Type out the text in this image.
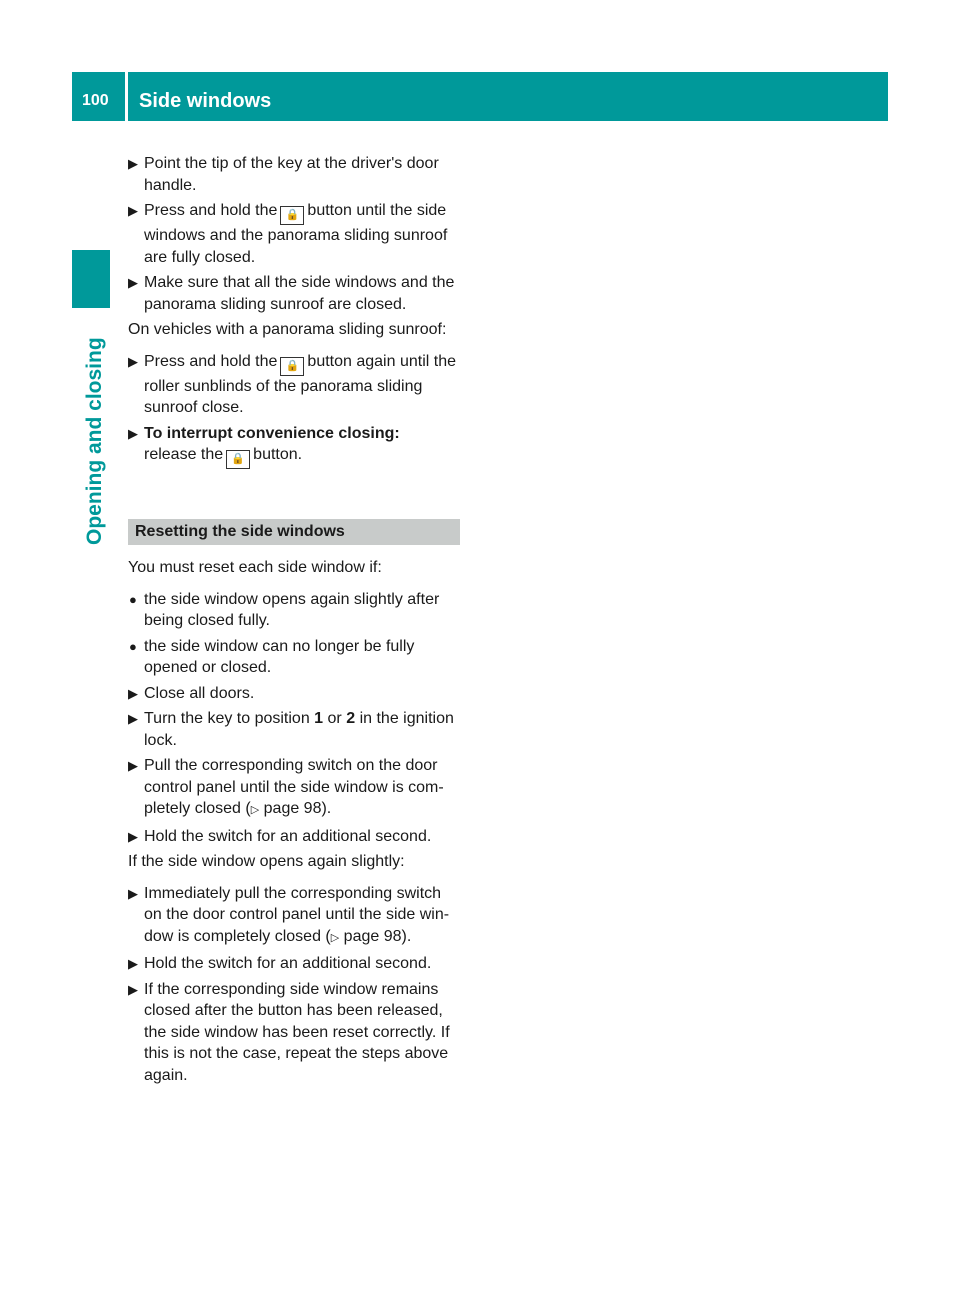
100 Side windows
Opening and closing
▶ Point the tip of the key at the driver's door handle.
▶ Press and hold the 🔒 button until the side windows and the panorama sliding sunroof are fully closed.
▶ Make sure that all the side windows and the panorama sliding sunroof are closed.
On vehicles with a panorama sliding sunroof:
▶ Press and hold the 🔒 button again until the roller sunblinds of the panorama sliding sunroof close.
▶ To interrupt convenience closing:
release the 🔒 button.
Resetting the side windows
You must reset each side window if:
● the side window opens again slightly after being closed fully.
● the side window can no longer be fully opened or closed.
▶ Close all doors.
▶ Turn the key to position 1 or 2 in the ignition lock.
▶ Pull the corresponding switch on the door control panel until the side window is com- pletely closed (▷ page 98).
▶ Hold the switch for an additional second.
If the side window opens again slightly:
▶ Immediately pull the corresponding switch on the door control panel until the side win- dow is completely closed (▷ page 98).
▶ Hold the switch for an additional second.
▶ If the corresponding side window remains closed after the button has been released, the side window has been reset correctly. If this is not the case, repeat the steps above again.
